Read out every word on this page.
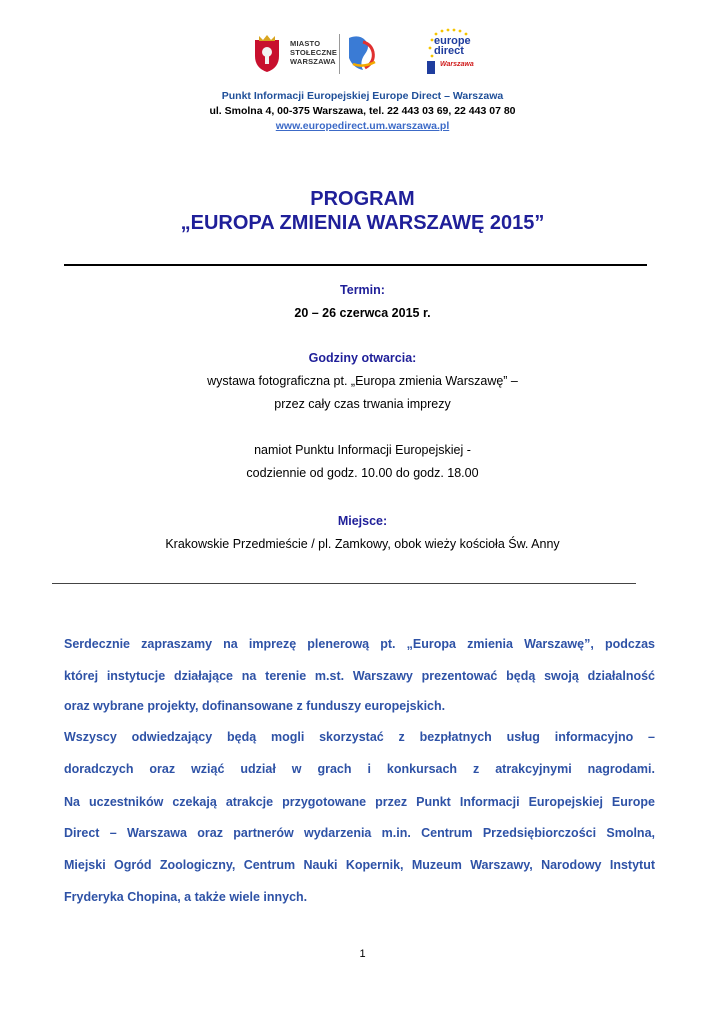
MIASTO
STOŁECZNE
WARSZAWA
europe
direct
Warszawa
Punkt Informacji Europejskiej Europe Direct – Warszawa
ul. Smolna 4, 00-375 Warszawa, tel. 22 443 03 69, 22 443 07 80
www.europedirect.um.warszawa.pl
PROGRAM
„EUROPA ZMIENIA WARSZAWĘ 2015”
Termin:
20 – 26 czerwca 2015 r.
Godziny otwarcia:
wystawa fotograficzna pt. „Europa zmienia Warszawę” –
przez cały czas trwania imprezy
namiot Punktu Informacji Europejskiej -
codziennie od godz. 10.00 do godz. 18.00
Miejsce:
Krakowskie Przedmieście / pl. Zamkowy, obok wieży kościoła Św. Anny
Serdecznie zapraszamy na imprezę plenerową pt. „Europa zmienia Warszawę”, podczas
której instytucje działające na terenie m.st. Warszawy prezentować będą swoją działalność
oraz wybrane projekty, dofinansowane z funduszy europejskich.
Wszyscy odwiedzający będą mogli skorzystać z bezpłatnych usług informacyjno –
doradczych oraz wziąć udział w grach i konkursach z atrakcyjnymi nagrodami.
Na uczestników czekają atrakcje przygotowane przez Punkt Informacji Europejskiej Europe
Direct – Warszawa oraz partnerów wydarzenia m.in. Centrum Przedsiębiorczości Smolna,
Miejski Ogród Zoologiczny, Centrum Nauki Kopernik, Muzeum Warszawy, Narodowy Instytut
Fryderyka Chopina, a także wiele innych.
1
